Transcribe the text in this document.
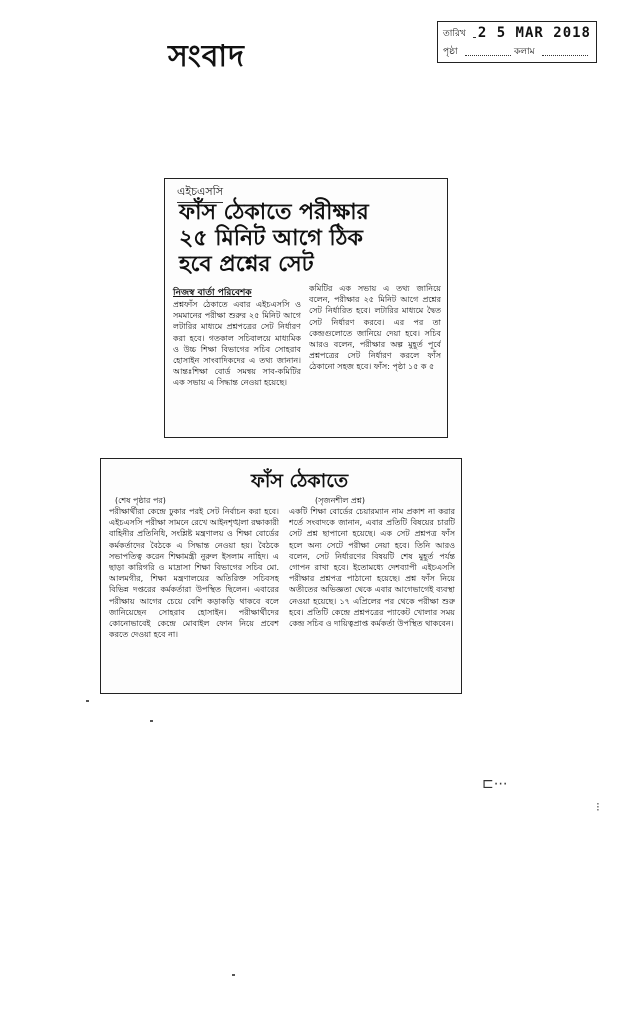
সংবাদ
তারিখ 2 5 MAR 2018
পৃষ্ঠা	কলাম
এইচএসসি
ফাঁস ঠেকাতে পরীক্ষার
২৫ মিনিট আগে ঠিক
হবে প্রশ্নের সেট
নিজস্ব বার্তা পরিবেশক
প্রশ্নফাঁস ঠেকাতে এবার এইচএসসি ও সমমানের পরীক্ষা শুরুর ২৫ মিনিট আগে লটারির মাধ্যমে প্রশ্নপত্রের সেট নির্ধারণ করা হবে। গতকাল সচিবালয়ে মাধ্যমিক ও উচ্চ শিক্ষা বিভাগের সচিব সোহরাব হোসাইন সাংবাদিকদের এ তথ্য জানান। আন্তঃশিক্ষা বোর্ড সমন্বয় সাব-কমিটির এক সভায় এ সিদ্ধান্ত নেওয়া হয়েছে।
কমিটির এক সভায় এ তথ্য জানিয়ে বলেন, পরীক্ষার ২৫ মিনিট আগে প্রশ্নের সেট নির্ধারিত হবে। লটারির মাধ্যমে দ্বৈত সেট নির্ধারণ করবে। এর পর তা কেন্দ্রগুলোতে জানিয়ে দেয়া হবে। সচিব আরও বলেন, পরীক্ষার অল্প মুহূর্ত পূর্বে প্রশ্নপত্রের সেট নির্ধারণ করলে ফাঁস ঠেকানো সহজ হবে। ফাঁস: পৃষ্ঠা ১৫ ক ৫
ফাঁস ঠেকাতে
(শেষ পৃষ্ঠার পর)	(সৃজনশীল প্রশ্ন)
পরীক্ষার্থীরা কেন্দ্রে ঢুকার পরই সেট নির্বাচন করা হবে। এইচএসসি পরীক্ষা সামনে রেখে আইনশৃঙ্খলা রক্ষাকারী বাহিনীর প্রতিনিধি, সংশ্লিষ্ট মন্ত্রণালয় ও শিক্ষা বোর্ডের কর্মকর্তাদের বৈঠকে এ সিদ্ধান্ত নেওয়া হয়। বৈঠকে সভাপতিত্ব করেন শিক্ষামন্ত্রী নুরুল ইসলাম নাহিদ। এ ছাড়া কারিগরি ও মাদ্রাসা শিক্ষা বিভাগের সচিব মো. আলমগীর, শিক্ষা মন্ত্রণালয়ের অতিরিক্ত সচিবসহ বিভিন্ন দপ্তরের কর্মকর্তারা উপস্থিত ছিলেন। এবারের পরীক্ষায় আগের চেয়ে বেশি কড়াকড়ি থাকবে বলে জানিয়েছেন সোহরাব হোসাইন। পরীক্ষার্থীদের কোনোভাবেই কেন্দ্রে মোবাইল ফোন নিয়ে প্রবেশ করতে দেওয়া হবে না।
একটি শিক্ষা বোর্ডের চেয়ারম্যান নাম প্রকাশ না করার শর্তে সংবাদকে জানান, এবার প্রতিটি বিষয়ের চারটি সেট প্রশ্ন ছাপানো হয়েছে। এক সেট প্রশ্নপত্র ফাঁস হলে অন্য সেটে পরীক্ষা নেয়া হবে। তিনি আরও বলেন, সেট নির্ধারণের বিষয়টি শেষ মুহূর্ত পর্যন্ত গোপন রাখা হবে। ইতোমধ্যে দেশব্যাপী এইচএসসি পরীক্ষার প্রশ্নপত্র পাঠানো হয়েছে। প্রশ্ন ফাঁস নিয়ে অতীতের অভিজ্ঞতা থেকে এবার আগেভাগেই ব্যবস্থা নেওয়া হয়েছে। ১৭ এপ্রিলের পর থেকে পরীক্ষা শুরু হবে। প্রতিটি কেন্দ্রে প্রশ্নপত্রের প্যাকেট খোলার সময় কেন্দ্র সচিব ও দায়িত্বপ্রাপ্ত কর্মকর্তা উপস্থিত থাকবেন।
⊏⋯
⁝
